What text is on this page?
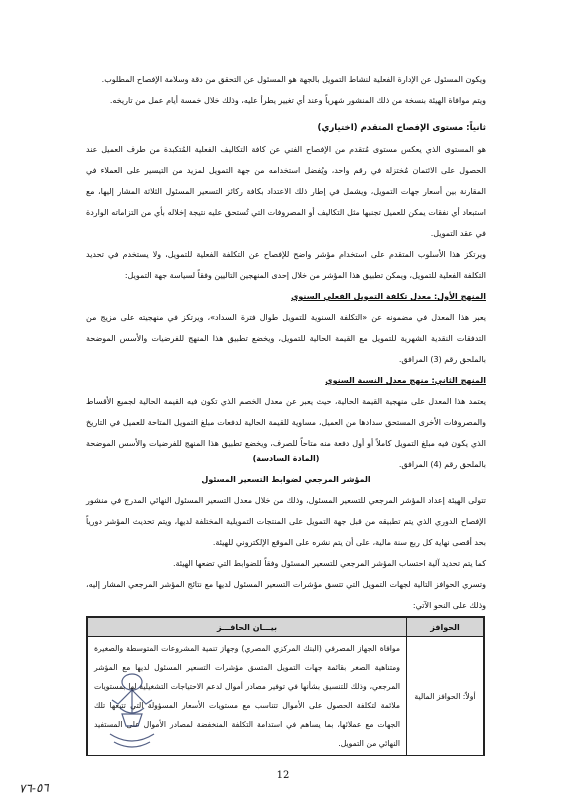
ويكون المسئول عن الإدارة الفعلية لنشاط التمويل بالجهة هو المسئول عن التحقق من دقة وسلامة الإفصاح المطلوب.

ويتم موافاة الهيئة بنسخة من ذلك المنشور شهرياً وعند أي تغيير يطرأ عليه، وذلك خلال خمسة أيام عمل من تاريخه.

ثانياً: مستوى الإفصاح المتقدم (اختياري)

هو المستوى الذي يعكس مستوى مُتقدم من الإفصاح الفني عن كافة التكاليف الفعلية المُتكبدة من طرف العميل عند الحصول على الائتمان مُختزلة في رقم واحد، ويُفضل استخدامه من جهة التمويل لمزيد من التيسير على العملاء في المقارنة بين أسعار جهات التمويل، ويشمل في إطار ذلك الاعتداد بكافة ركائز التسعير المسئول الثلاثة المشار إليها، مع استبعاد أي نفقات يمكن للعميل تجنبها مثل التكاليف أو المصروفات التي تُستحق عليه نتيجة إخلاله بأي من التزاماته الواردة في عقد التمويل.

ويرتكز هذا الأسلوب المتقدم على استخدام مؤشر واضح للإفصاح عن التكلفة الفعلية للتمويل، ولا يستخدم في تحديد التكلفة الفعلية للتمويل، ويمكن تطبيق هذا المؤشر من خلال إحدى المنهجين التاليين وفقاً لسياسة جهة التمويل:

المنهج الأول: معدل تكلفة التمويل الفعلي السنوي

يعبر هذا المعدل في مضمونه عن «التكلفة السنوية للتمويل طوال فترة السداد»، ويرتكز في منهجيته على مزيج من التدفقات النقدية الشهرية للتمويل مع القيمة الحالية للتمويل، ويخضع تطبيق هذا المنهج للفرضيات والأسس الموضحة بالملحق رقم (3) المرافق.

المنهج الثاني: منهج معدل النسبة السنوي

يعتمد هذا المعدل على منهجية القيمة الحالية، حيث يعبر عن معدل الخصم الذي تكون فيه القيمة الحالية لجميع الأقساط والمصروفات الأخرى المستحق سدادها من العميل، مساوية للقيمة الحالية لدفعات مبلغ التمويل المتاحة للعميل في التاريخ الذي يكون فيه مبلغ التمويل كاملاً أو أول دفعة منه متاحاً للصرف، ويخضع تطبيق هذا المنهج للفرضيات والأسس الموضحة بالملحق رقم (4) المرافق.

(المادة السادسة)

المؤشر المرجعي لضوابط التسعير المسئول

تتولى الهيئة إعداد المؤشر المرجعي للتسعير المسئول، وذلك من خلال معدل التسعير المسئول النهائي المدرج في منشور الإفصاح الدوري الذي يتم تطبيقه من قبل جهة التمويل على المنتجات التمويلية المختلفة لديها، ويتم تحديث المؤشر دورياً بحد أقصى نهاية كل ربع سنة مالية، على أن يتم نشره على الموقع الإلكتروني للهيئة.

كما يتم تحديد آلية احتساب المؤشر المرجعي للتسعير المسئول وفقاً للضوابط التي تضعها الهيئة.

وتسري الحوافز التالية لجهات التمويل التي تتسق مؤشرات التسعير المسئول لديها مع نتائج المؤشر المرجعي المشار إليه، وذلك على النحو الآتي:

الحوافز	بيـــان الحافـــز
أولاً: الحوافز المالية	موافاة الجهاز المصرفي (البنك المركزي المصري) وجهاز تنمية المشروعات المتوسطة والصغيرة ومتناهية الصغر بقائمة جهات التمويل المتسق مؤشرات التسعير المسئول لديها مع المؤشر المرجعي، وذلك للتنسيق بشأنها في توفير مصادر أموال لدعم الاحتياجات التشغيلية لها بمستويات ملائمة لتكلفة الحصول على الأموال تتناسب مع مستويات الأسعار المسؤولة التي تتبعها تلك الجهات مع عملائها، بما يساهم في استدامة التكلفة المنخفضة لمصادر الأموال على المستفيد النهائي من التمويل.
12
٥٦-٧٦
